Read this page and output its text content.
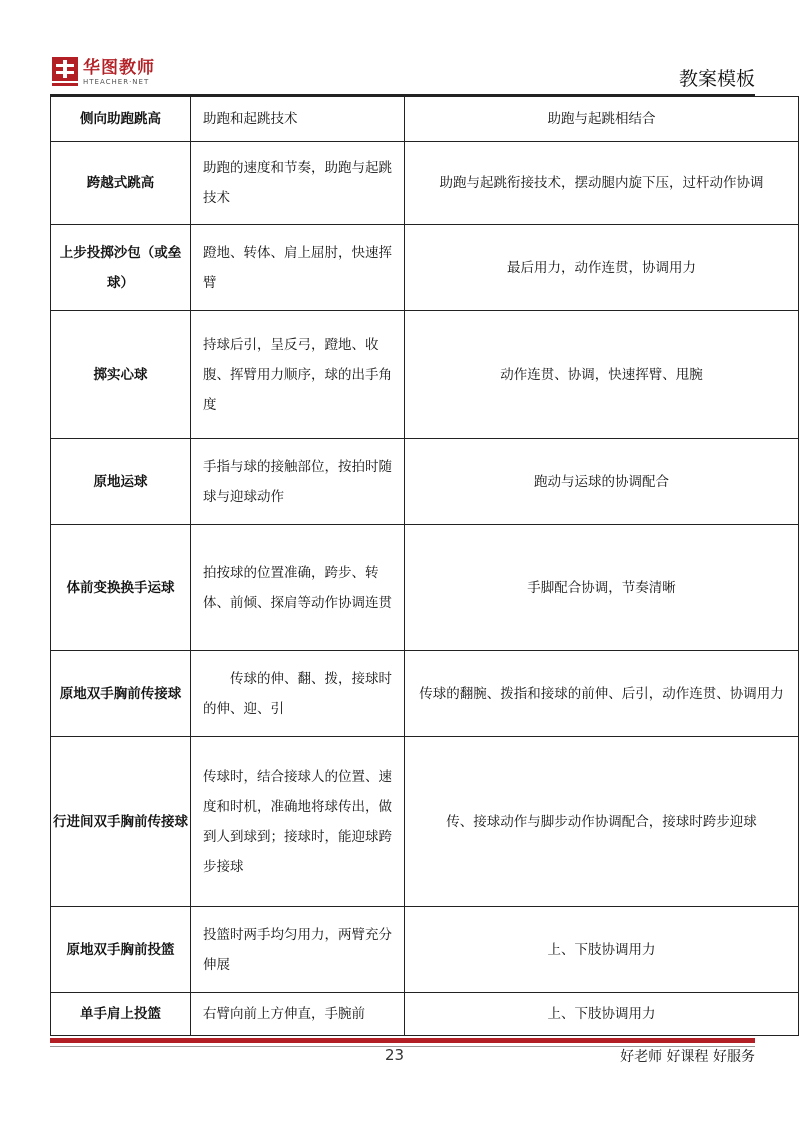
华图教师
HTEACHER·NET	教案模板
侧向助跑跳高	助跑和起跳技术	助跑与起跳相结合
跨越式跳高	助跑的速度和节奏，助跑与起跳技术	助跑与起跳衔接技术，摆动腿内旋下压，过杆动作协调
上步投掷沙包（或垒球）	蹬地、转体、肩上屈肘，快速挥臂	最后用力，动作连贯，协调用力
掷实心球	持球后引，呈反弓，蹬地、收腹、挥臂用力顺序，球的出手角度	动作连贯、协调，快速挥臂、甩腕
原地运球	手指与球的接触部位，按拍时随球与迎球动作	跑动与运球的协调配合
体前变换换手运球	拍按球的位置准确，跨步、转体、前倾、探肩等动作协调连贯	手脚配合协调，节奏清晰
原地双手胸前传接球	传球的伸、翻、拨，接球时的伸、迎、引	传球的翻腕、拨指和接球的前伸、后引，动作连贯、协调用力
行进间双手胸前传接球	传球时，结合接球人的位置、速度和时机，准确地将球传出，做到人到球到；接球时，能迎球跨步接球	传、接球动作与脚步动作协调配合，接球时跨步迎球
原地双手胸前投篮	投篮时两手均匀用力，两臂充分伸展	上、下肢协调用力
单手肩上投篮	右臂向前上方伸直，手腕前	上、下肢协调用力
23	好老师 好课程 好服务
